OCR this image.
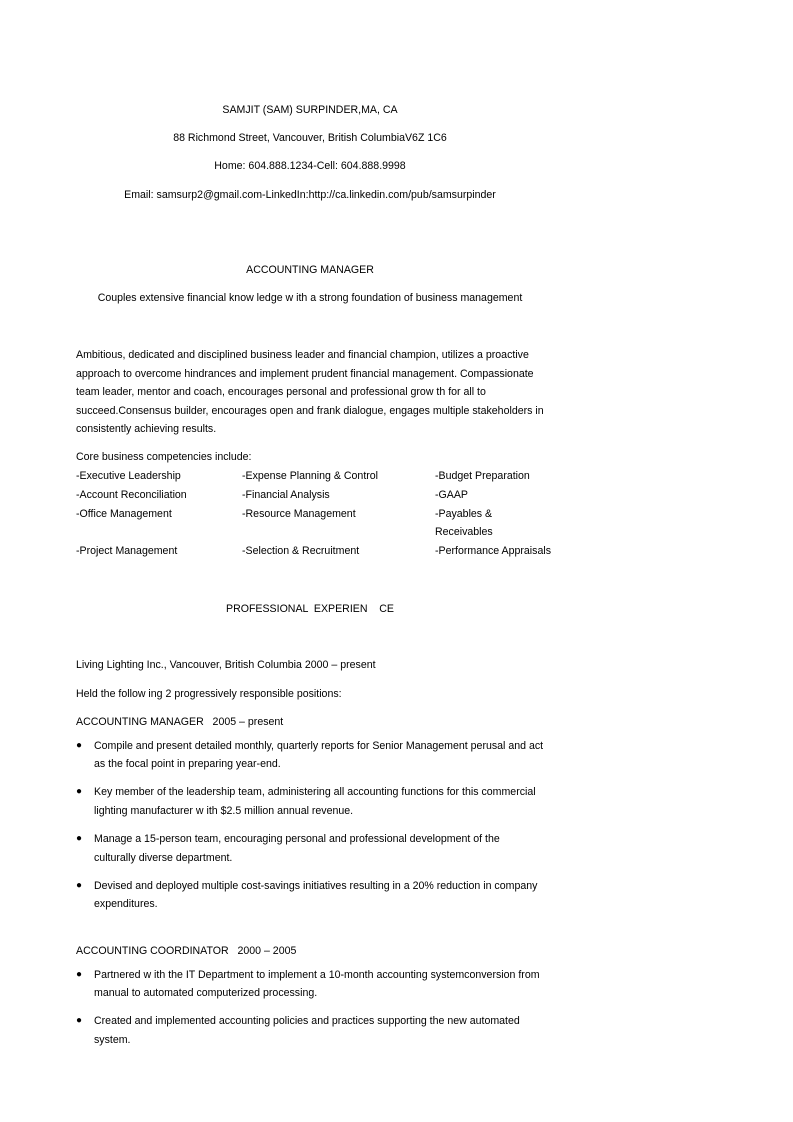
SAMJIT (SAM) SURPINDER,MA, CA
88 Richmond Street, Vancouver, British ColumbiaV6Z 1C6
Home: 604.888.1234-Cell: 604.888.9998
Email: samsurp2@gmail.com-LinkedIn:http://ca.linkedin.com/pub/samsurpinder
ACCOUNTING MANAGER
Couples extensive financial know ledge w ith a strong foundation of business management
Ambitious, dedicated and disciplined business leader and financial champion, utilizes a proactive
approach to overcome hindrances and implement prudent financial management. Compassionate
team leader, mentor and coach, encourages personal and professional grow th for all to
succeed.Consensus builder, encourages open and frank dialogue, engages multiple stakeholders in
consistently achieving results.
Core business competencies include:
-Executive Leadership	-Expense Planning & Control	-Budget Preparation
-Account Reconciliation	-Financial Analysis	-GAAP
-Office Management	-Resource Management	-Payables &
Receivables
-Project Management	-Selection & Recruitment	-Performance Appraisals
PROFESSIONAL  EXPERIEN    CE
Living Lighting Inc., Vancouver, British Columbia 2000 – present
Held the follow ing 2 progressively responsible positions:
ACCOUNTING MANAGER   2005 – present
● Compile and present detailed monthly, quarterly reports for Senior Management perusal and act
as the focal point in preparing year-end.
● Key member of the leadership team, administering all accounting functions for this commercial
lighting manufacturer w ith $2.5 million annual revenue.
● Manage a 15-person team, encouraging personal and professional development of the
culturally diverse department.
● Devised and deployed multiple cost-savings initiatives resulting in a 20% reduction in company
expenditures.
ACCOUNTING COORDINATOR   2000 – 2005
● Partnered w ith the IT Department to implement a 10-month accounting systemconversion from
manual to automated computerized processing.
● Created and implemented accounting policies and practices supporting the new automated
system.
